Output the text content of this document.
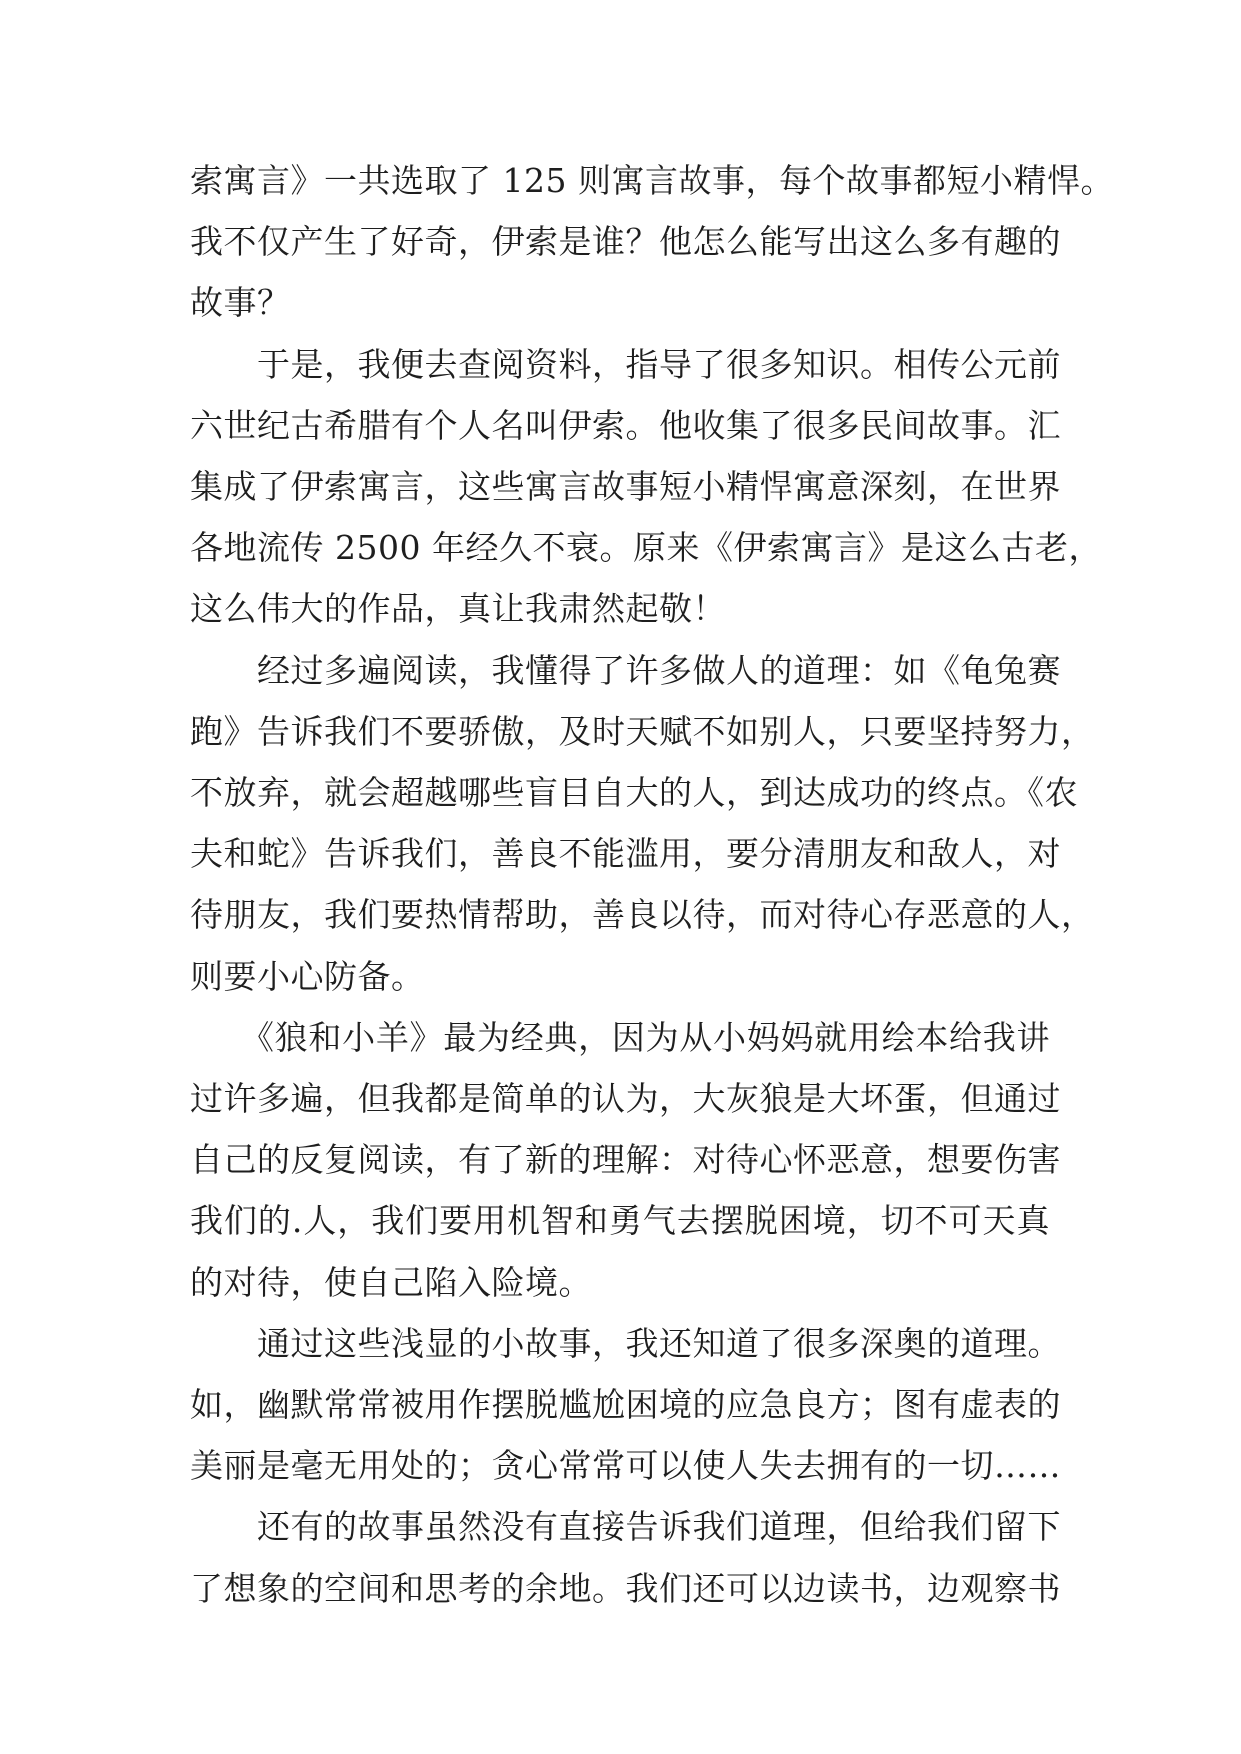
索寓言》一共选取了 125 则寓言故事，每个故事都短小精悍。
我不仅产生了好奇，伊索是谁？他怎么能写出这么多有趣的
故事？

　　于是，我便去查阅资料，指导了很多知识。相传公元前
六世纪古希腊有个人名叫伊索。他收集了很多民间故事。汇
集成了伊索寓言，这些寓言故事短小精悍寓意深刻，在世界
各地流传 2500 年经久不衰。原来《伊索寓言》是这么古老，
这么伟大的作品，真让我肃然起敬！

　　经过多遍阅读，我懂得了许多做人的道理：如《龟兔赛
跑》告诉我们不要骄傲，及时天赋不如别人，只要坚持努力，
不放弃，就会超越哪些盲目自大的人，到达成功的终点。《农
夫和蛇》告诉我们，善良不能滥用，要分清朋友和敌人，对
待朋友，我们要热情帮助，善良以待，而对待心存恶意的人，
则要小心防备。

　　《狼和小羊》最为经典，因为从小妈妈就用绘本给我讲
过许多遍，但我都是简单的认为，大灰狼是大坏蛋，但通过
自己的反复阅读，有了新的理解：对待心怀恶意，想要伤害
我们的.人，我们要用机智和勇气去摆脱困境，切不可天真
的对待，使自己陷入险境。

　　通过这些浅显的小故事，我还知道了很多深奥的道理。
如，幽默常常被用作摆脱尴尬困境的应急良方；图有虚表的
美丽是毫无用处的；贪心常常可以使人失去拥有的一切……

　　还有的故事虽然没有直接告诉我们道理，但给我们留下
了想象的空间和思考的余地。我们还可以边读书，边观察书
